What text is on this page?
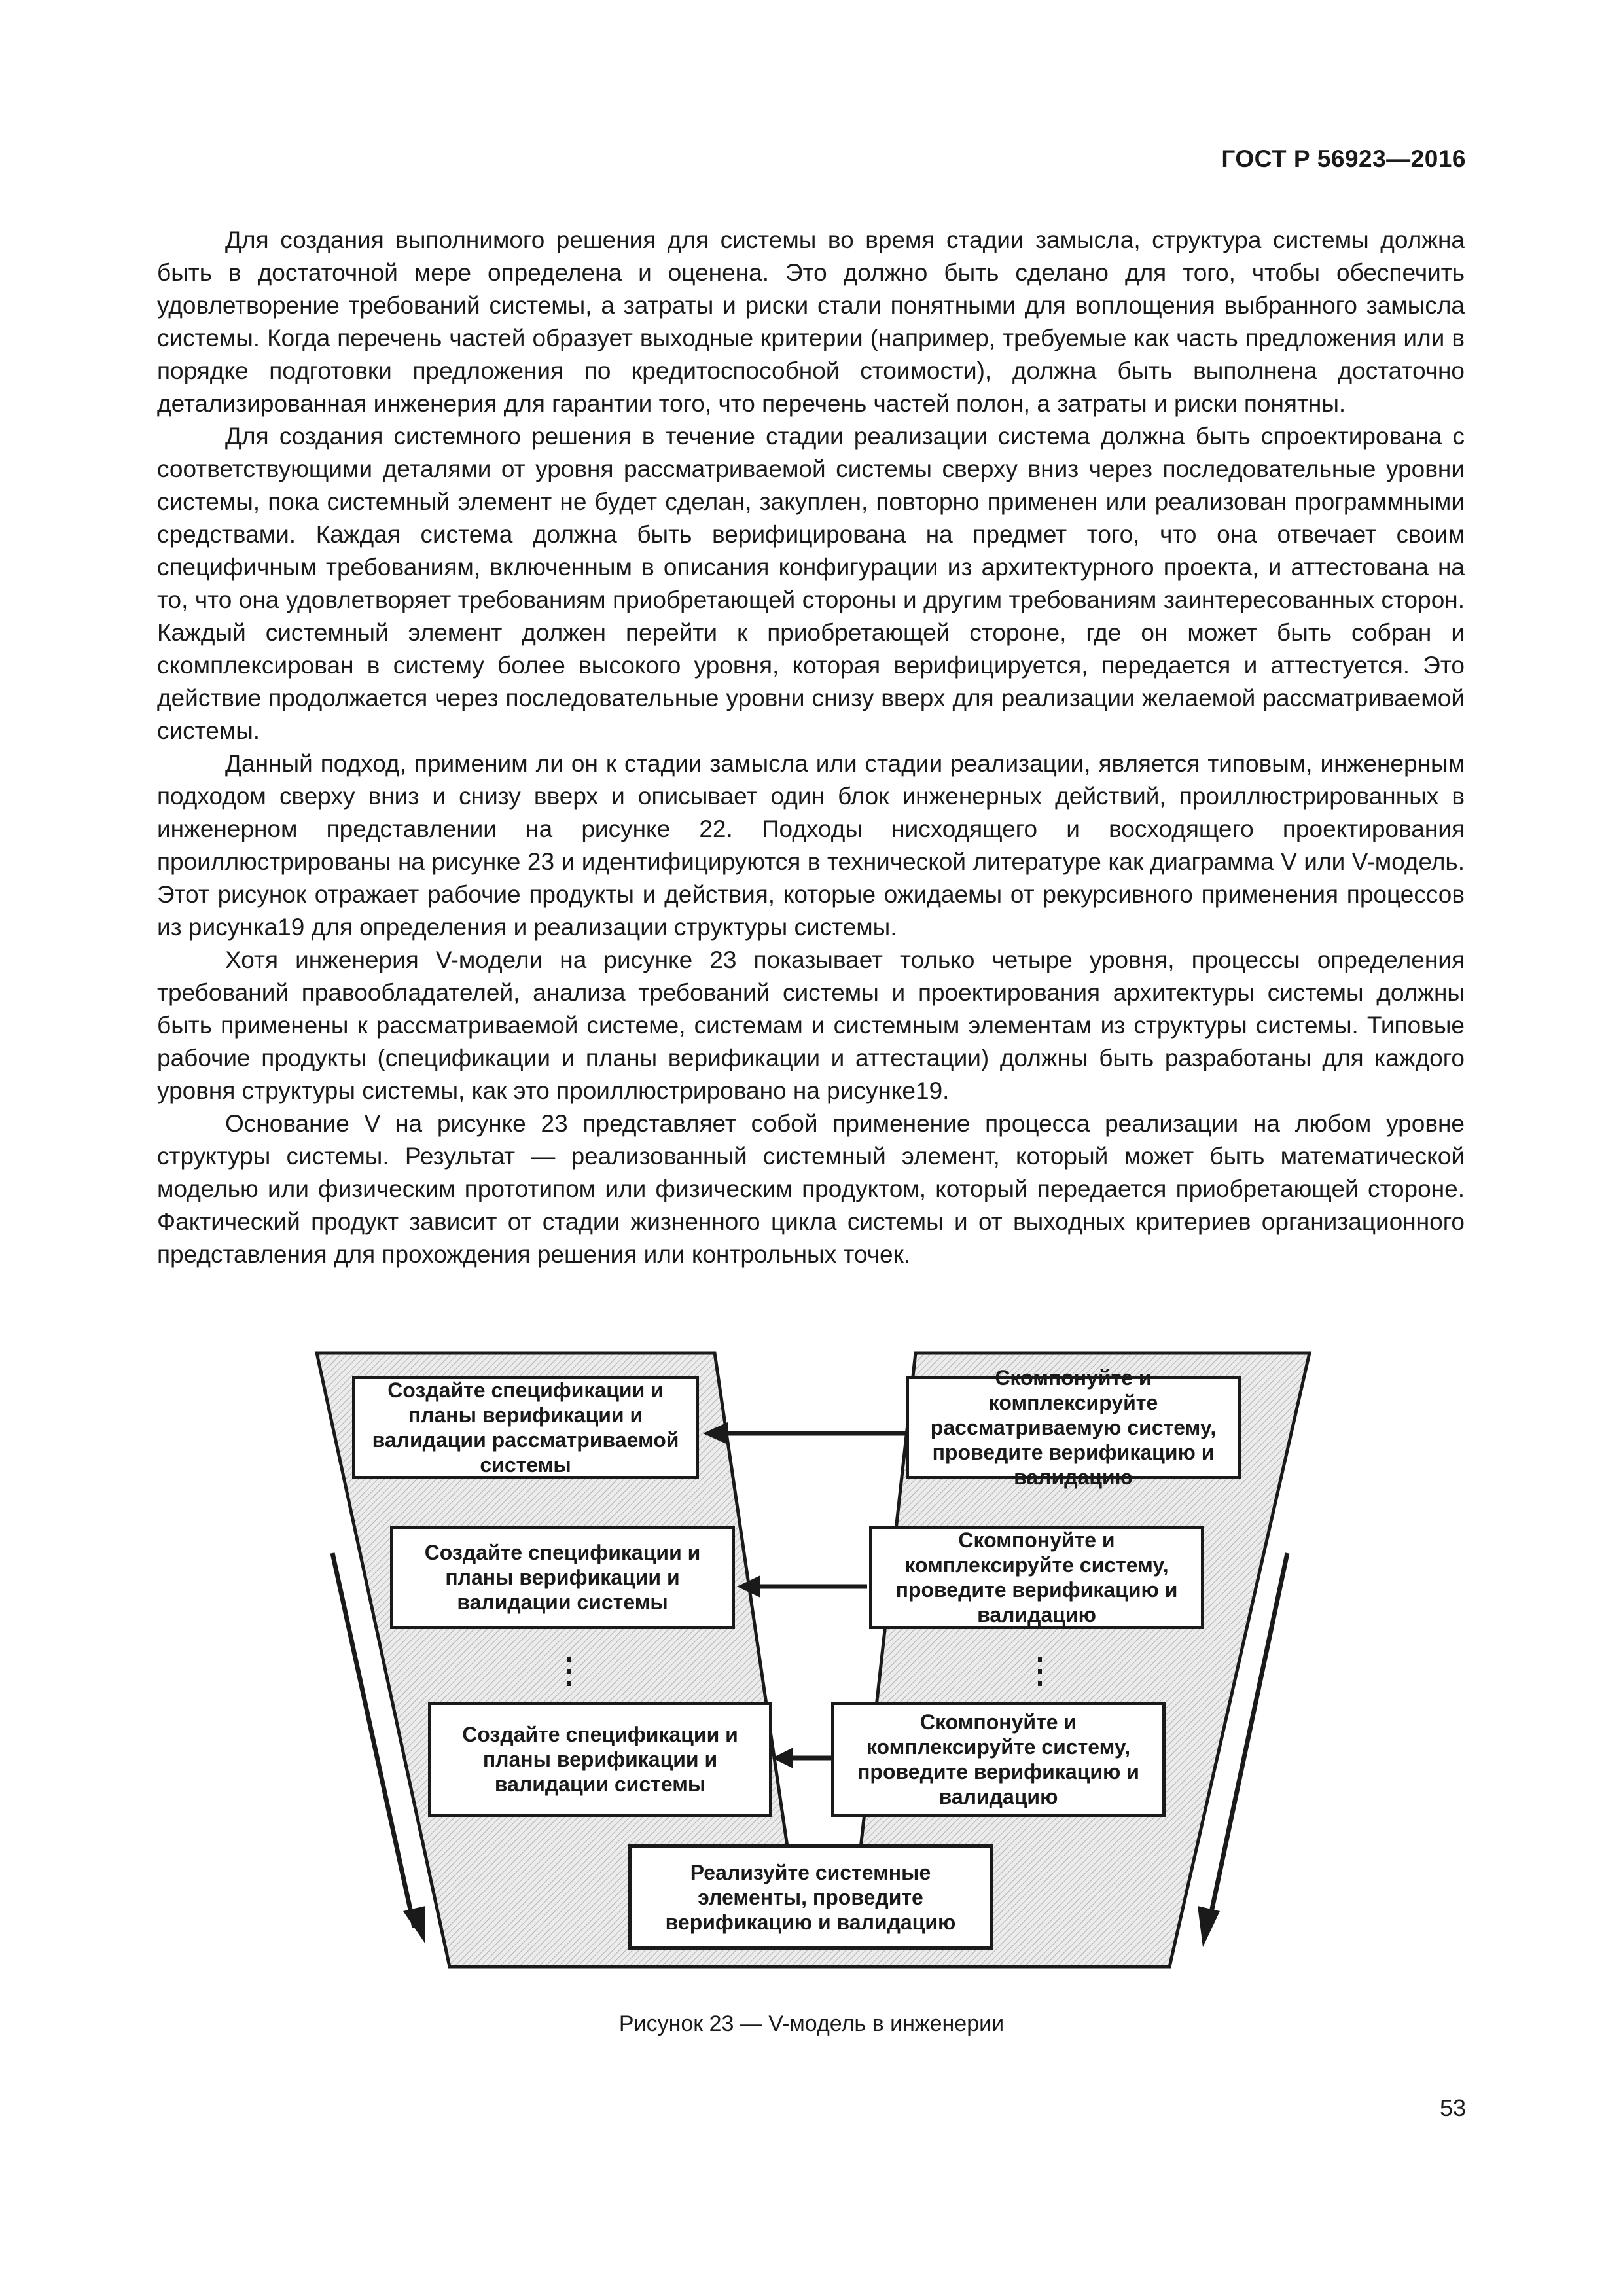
ГОСТ Р 56923—2016

Для создания выполнимого решения для системы во время стадии замысла, структура системы должна быть в достаточной мере определена и оценена. Это должно быть сделано для того, чтобы обеспечить удовлетворение требований системы, а затраты и риски стали понятными для воплощения выбранного замысла системы. Когда перечень частей образует выходные критерии (например, требуемые как часть предложения или в порядке подготовки предложения по кредитоспособной стоимости), должна быть выполнена достаточно детализированная инженерия для гарантии того, что перечень частей полон, а затраты и риски понятны.

Для создания системного решения в течение стадии реализации система должна быть спроектирована с соответствующими деталями от уровня рассматриваемой системы сверху вниз через последовательные уровни системы, пока системный элемент не будет сделан, закуплен, повторно применен или реализован программными средствами. Каждая система должна быть верифицирована на предмет того, что она отвечает своим специфичным требованиям, включенным в описания конфигурации из архитектурного проекта, и аттестована на то, что она удовлетворяет требованиям приобретающей стороны и другим требованиям заинтересованных сторон. Каждый системный элемент должен перейти к приобретающей стороне, где он может быть собран и скомплексирован в систему более высокого уровня, которая верифицируется, передается и аттестуется. Это действие продолжается через последовательные уровни снизу вверх для реализации желаемой рассматриваемой системы.

Данный подход, применим ли он к стадии замысла или стадии реализации, является типовым, инженерным подходом сверху вниз и снизу вверх и описывает один блок инженерных действий, проиллюстрированных в инженерном представлении на рисунке 22. Подходы нисходящего и восходящего проектирования проиллюстрированы на рисунке 23 и идентифицируются в технической литературе как диаграмма V или V-модель. Этот рисунок отражает рабочие продукты и действия, которые ожидаемы от рекурсивного применения процессов из рисунка19 для определения и реализации структуры системы.

Хотя инженерия V-модели на рисунке 23 показывает только четыре уровня, процессы определения требований правообладателей, анализа требований системы и проектирования архитектуры системы должны быть применены к рассматриваемой системе, системам и системным элементам из структуры системы. Типовые рабочие продукты (спецификации и планы верификации и аттестации) должны быть разработаны для каждого уровня структуры системы, как это проиллюстрировано на рисунке19.

Основание V на рисунке 23 представляет собой применение процесса реализации на любом уровне структуры системы. Результат — реализованный системный элемент, который может быть математической моделью или физическим прототипом или физическим продуктом, который передается приобретающей стороне. Фактический продукт зависит от стадии жизненного цикла системы и от выходных критериев организационного представления для прохождения решения или контрольных точек.

Создайте спецификации и планы верификации и валидации рассматриваемой системы
Создайте спецификации и планы верификации и валидации системы
Создайте спецификации и планы верификации и валидации системы
Скомпонуйте и комплексируйте рассматриваемую систему, проведите верификацию и валидацию
Скомпонуйте и комплексируйте систему, проведите верификацию и валидацию
Скомпонуйте и комплексируйте систему, проведите верификацию и валидацию
Реализуйте системные элементы, проведите верификацию и валидацию
Рисунок 23 — V-модель в инженерии
53
